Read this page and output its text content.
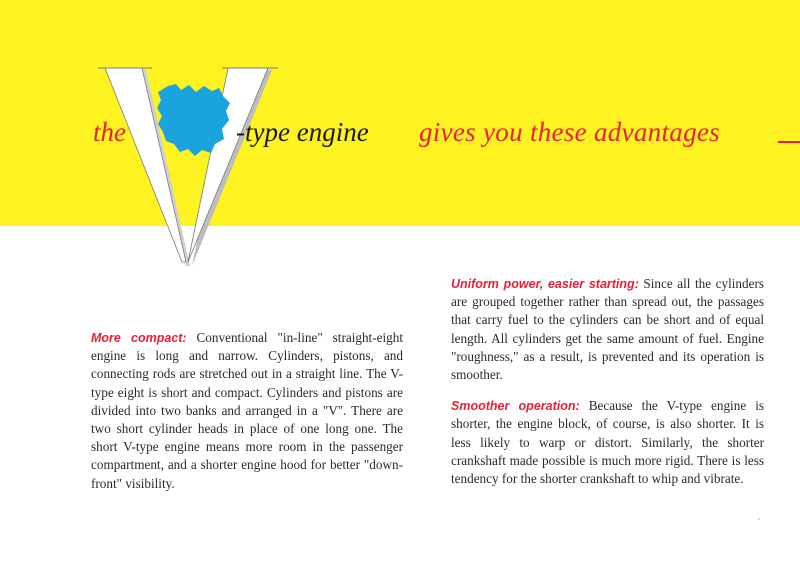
the	-type engine gives you these advantages

More compact: Conventional "in-line" straight-eight engine is long and narrow. Cylinders, pistons, and connecting rods are stretched out in a straight line. The V-type eight is short and compact. Cylinders and pistons are divided into two banks and arranged in a "V". There are two short cylinder heads in place of one long one. The short V-type engine means more room in the passenger compartment, and a shorter engine hood for better "down-front" visibility.

Uniform power, easier starting: Since all the cylinders are grouped together rather than spread out, the passages that carry fuel to the cylinders can be short and of equal length. All cylinders get the same amount of fuel. Engine "roughness," as a result, is prevented and its operation is smoother.

Smoother operation: Because the V-type engine is shorter, the engine block, of course, is also shorter. It is less likely to warp or distort. Similarly, the shorter crankshaft made possible is much more rigid. There is less tendency for the shorter crankshaft to whip and vibrate.
